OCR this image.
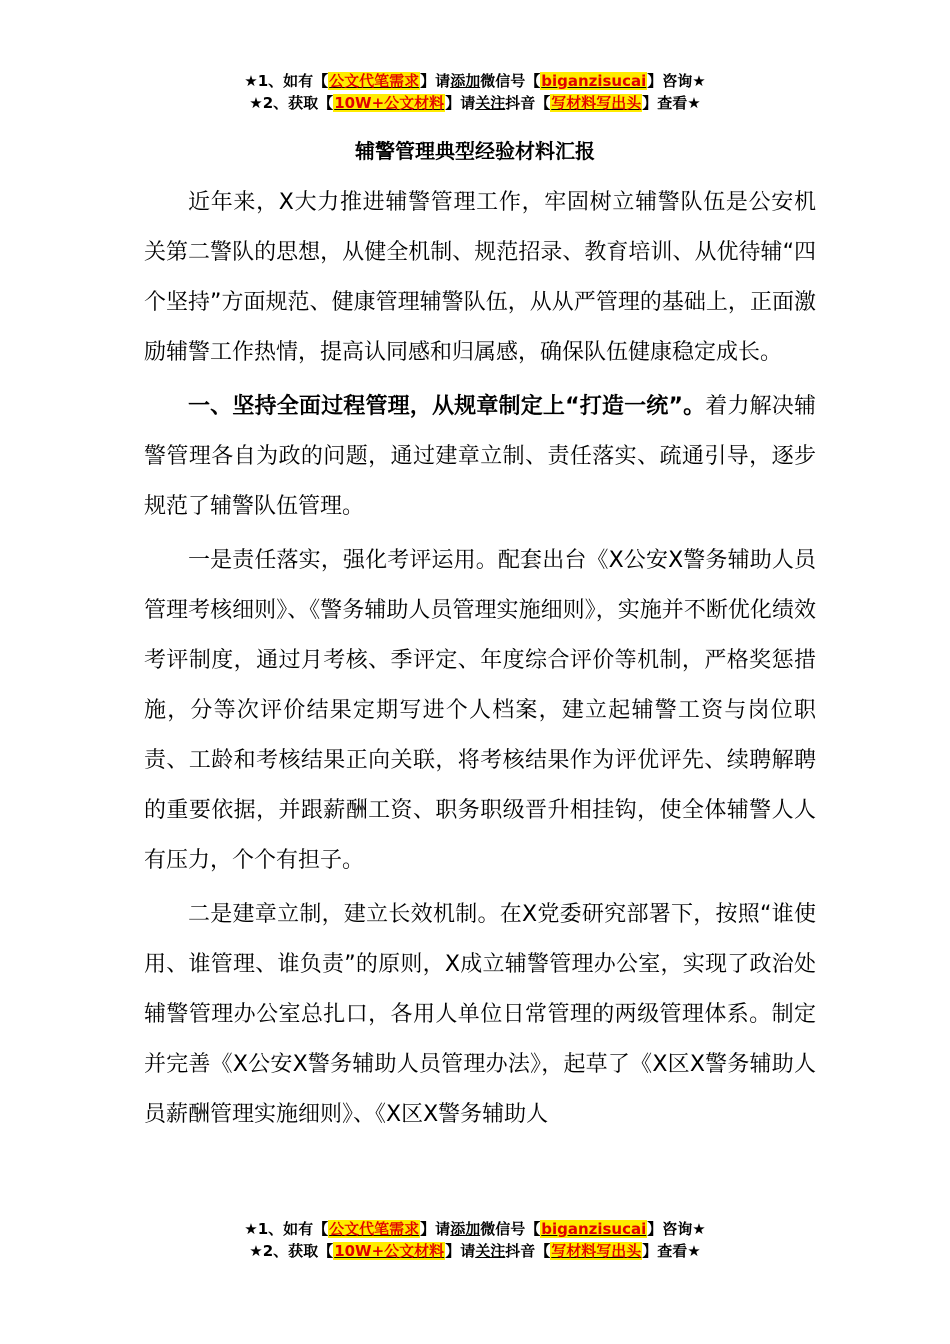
★1、如有【公文代笔需求】请添加微信号【biganzisucai】咨询★
★2、获取【10W+公文材料】请关注抖音【写材料写出头】查看★
辅警管理典型经验材料汇报

近年来，X大力推进辅警管理工作，牢固树立辅警队伍是公安机关第二警队的思想，从健全机制、规范招录、教育培训、从优待辅“四个坚持”方面规范、健康管理辅警队伍，从从严管理的基础上，正面激励辅警工作热情，提高认同感和归属感，确保队伍健康稳定成长。

一、坚持全面过程管理，从规章制定上“打造一统”。着力解决辅警管理各自为政的问题，通过建章立制、责任落实、疏通引导，逐步规范了辅警队伍管理。

一是责任落实，强化考评运用。配套出台《X公安X警务辅助人员管理考核细则》、《警务辅助人员管理实施细则》，实施并不断优化绩效考评制度，通过月考核、季评定、年度综合评价等机制，严格奖惩措施，分等次评价结果定期写进个人档案，建立起辅警工资与岗位职责、工龄和考核结果正向关联，将考核结果作为评优评先、续聘解聘的重要依据，并跟薪酬工资、职务职级晋升相挂钩，使全体辅警人人有压力，个个有担子。

二是建章立制，建立长效机制。在X党委研究部署下，按照“谁使用、谁管理、谁负责”的原则，X成立辅警管理办公室，实现了政治处辅警管理办公室总扎口，各用人单位日常管理的两级管理体系。制定并完善《X公安X警务辅助人员管理办法》，起草了《X区X警务辅助人员薪酬管理实施细则》、《X区X警务辅助人

★1、如有【公文代笔需求】请添加微信号【biganzisucai】咨询★
★2、获取【10W+公文材料】请关注抖音【写材料写出头】查看★
